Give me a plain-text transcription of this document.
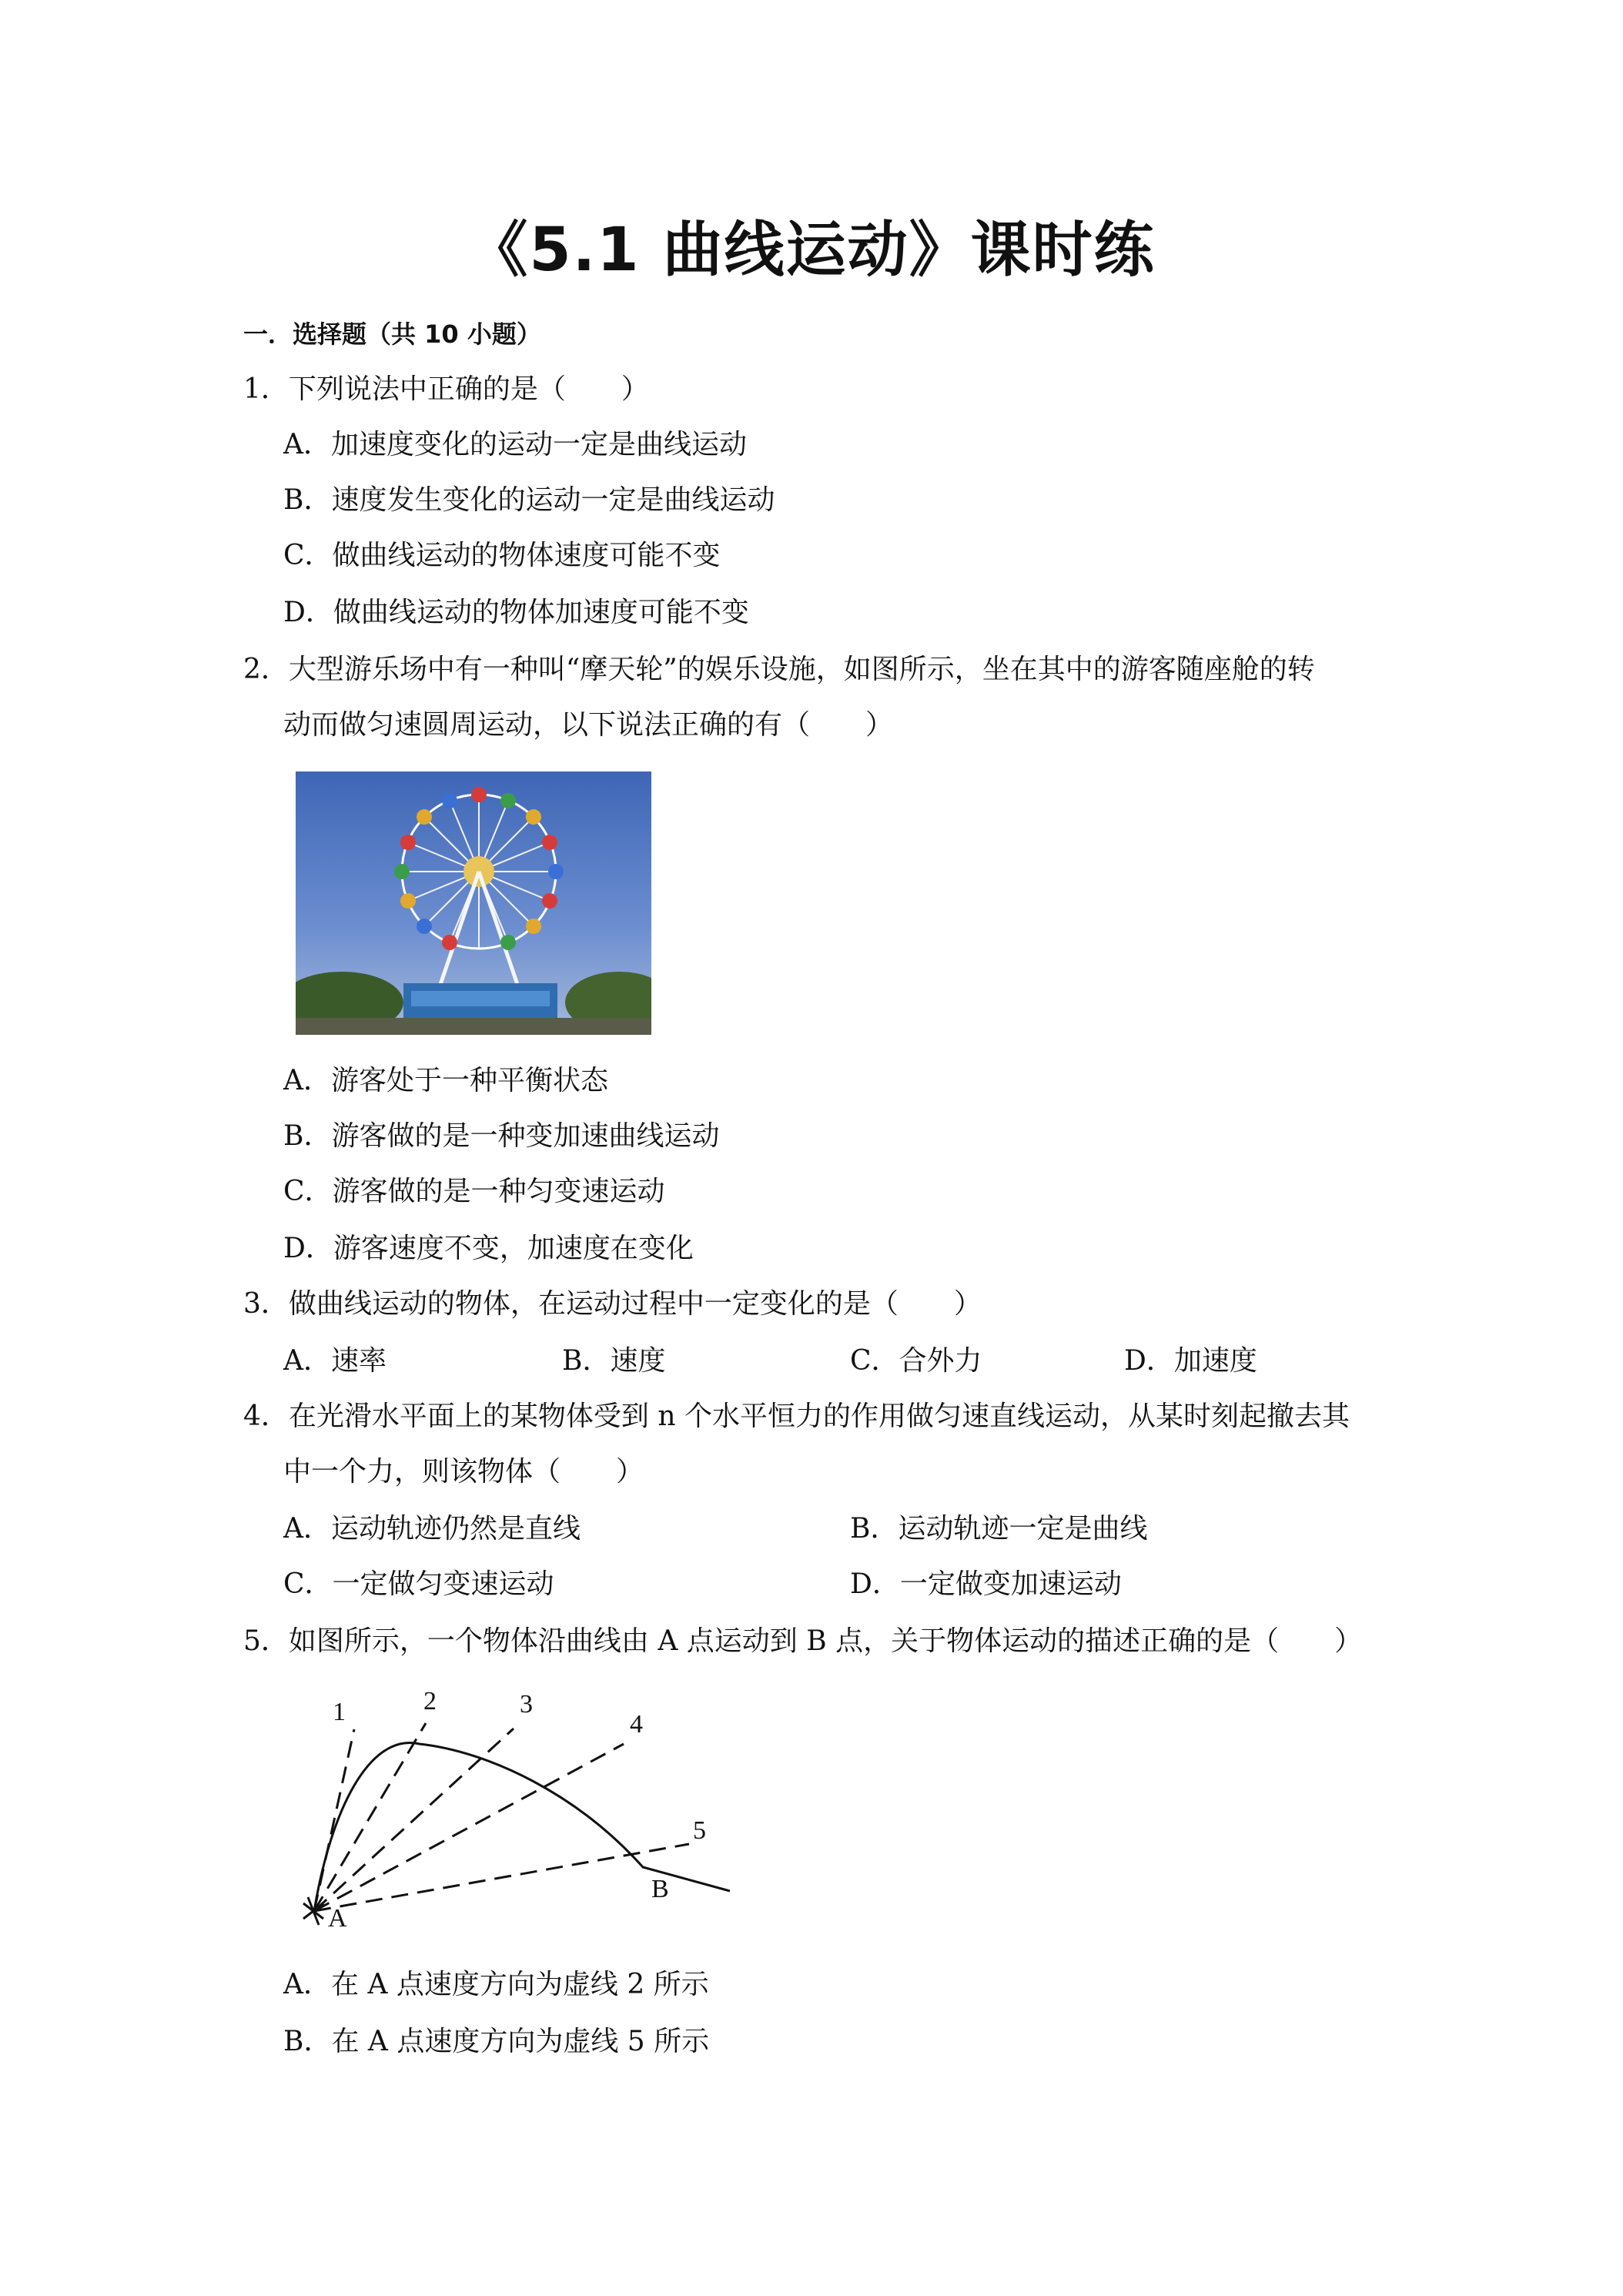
《5.1 曲线运动》课时练
一．选择题（共 10 小题）
1．下列说法中正确的是（　　）
A．加速度变化的运动一定是曲线运动
B．速度发生变化的运动一定是曲线运动
C．做曲线运动的物体速度可能不变
D．做曲线运动的物体加速度可能不变
2．大型游乐场中有一种叫“摩天轮”的娱乐设施，如图所示，坐在其中的游客随座舱的转
动而做匀速圆周运动，以下说法正确的有（　　）
A．游客处于一种平衡状态
B．游客做的是一种变加速曲线运动
C．游客做的是一种匀变速运动
D．游客速度不变，加速度在变化
3．做曲线运动的物体，在运动过程中一定变化的是（　　）
A．速率	B．速度	C．合外力	D．加速度
4．在光滑水平面上的某物体受到 n 个水平恒力的作用做匀速直线运动，从某时刻起撤去其
中一个力，则该物体（　　）
A．运动轨迹仍然是直线	B．运动轨迹一定是曲线
C．一定做匀变速运动	D．一定做变加速运动
5．如图所示，一个物体沿曲线由 A 点运动到 B 点，关于物体运动的描述正确的是（　　）
1	2	3
4
5
A
B
A．在 A 点速度方向为虚线 2 所示
B．在 A 点速度方向为虚线 5 所示
